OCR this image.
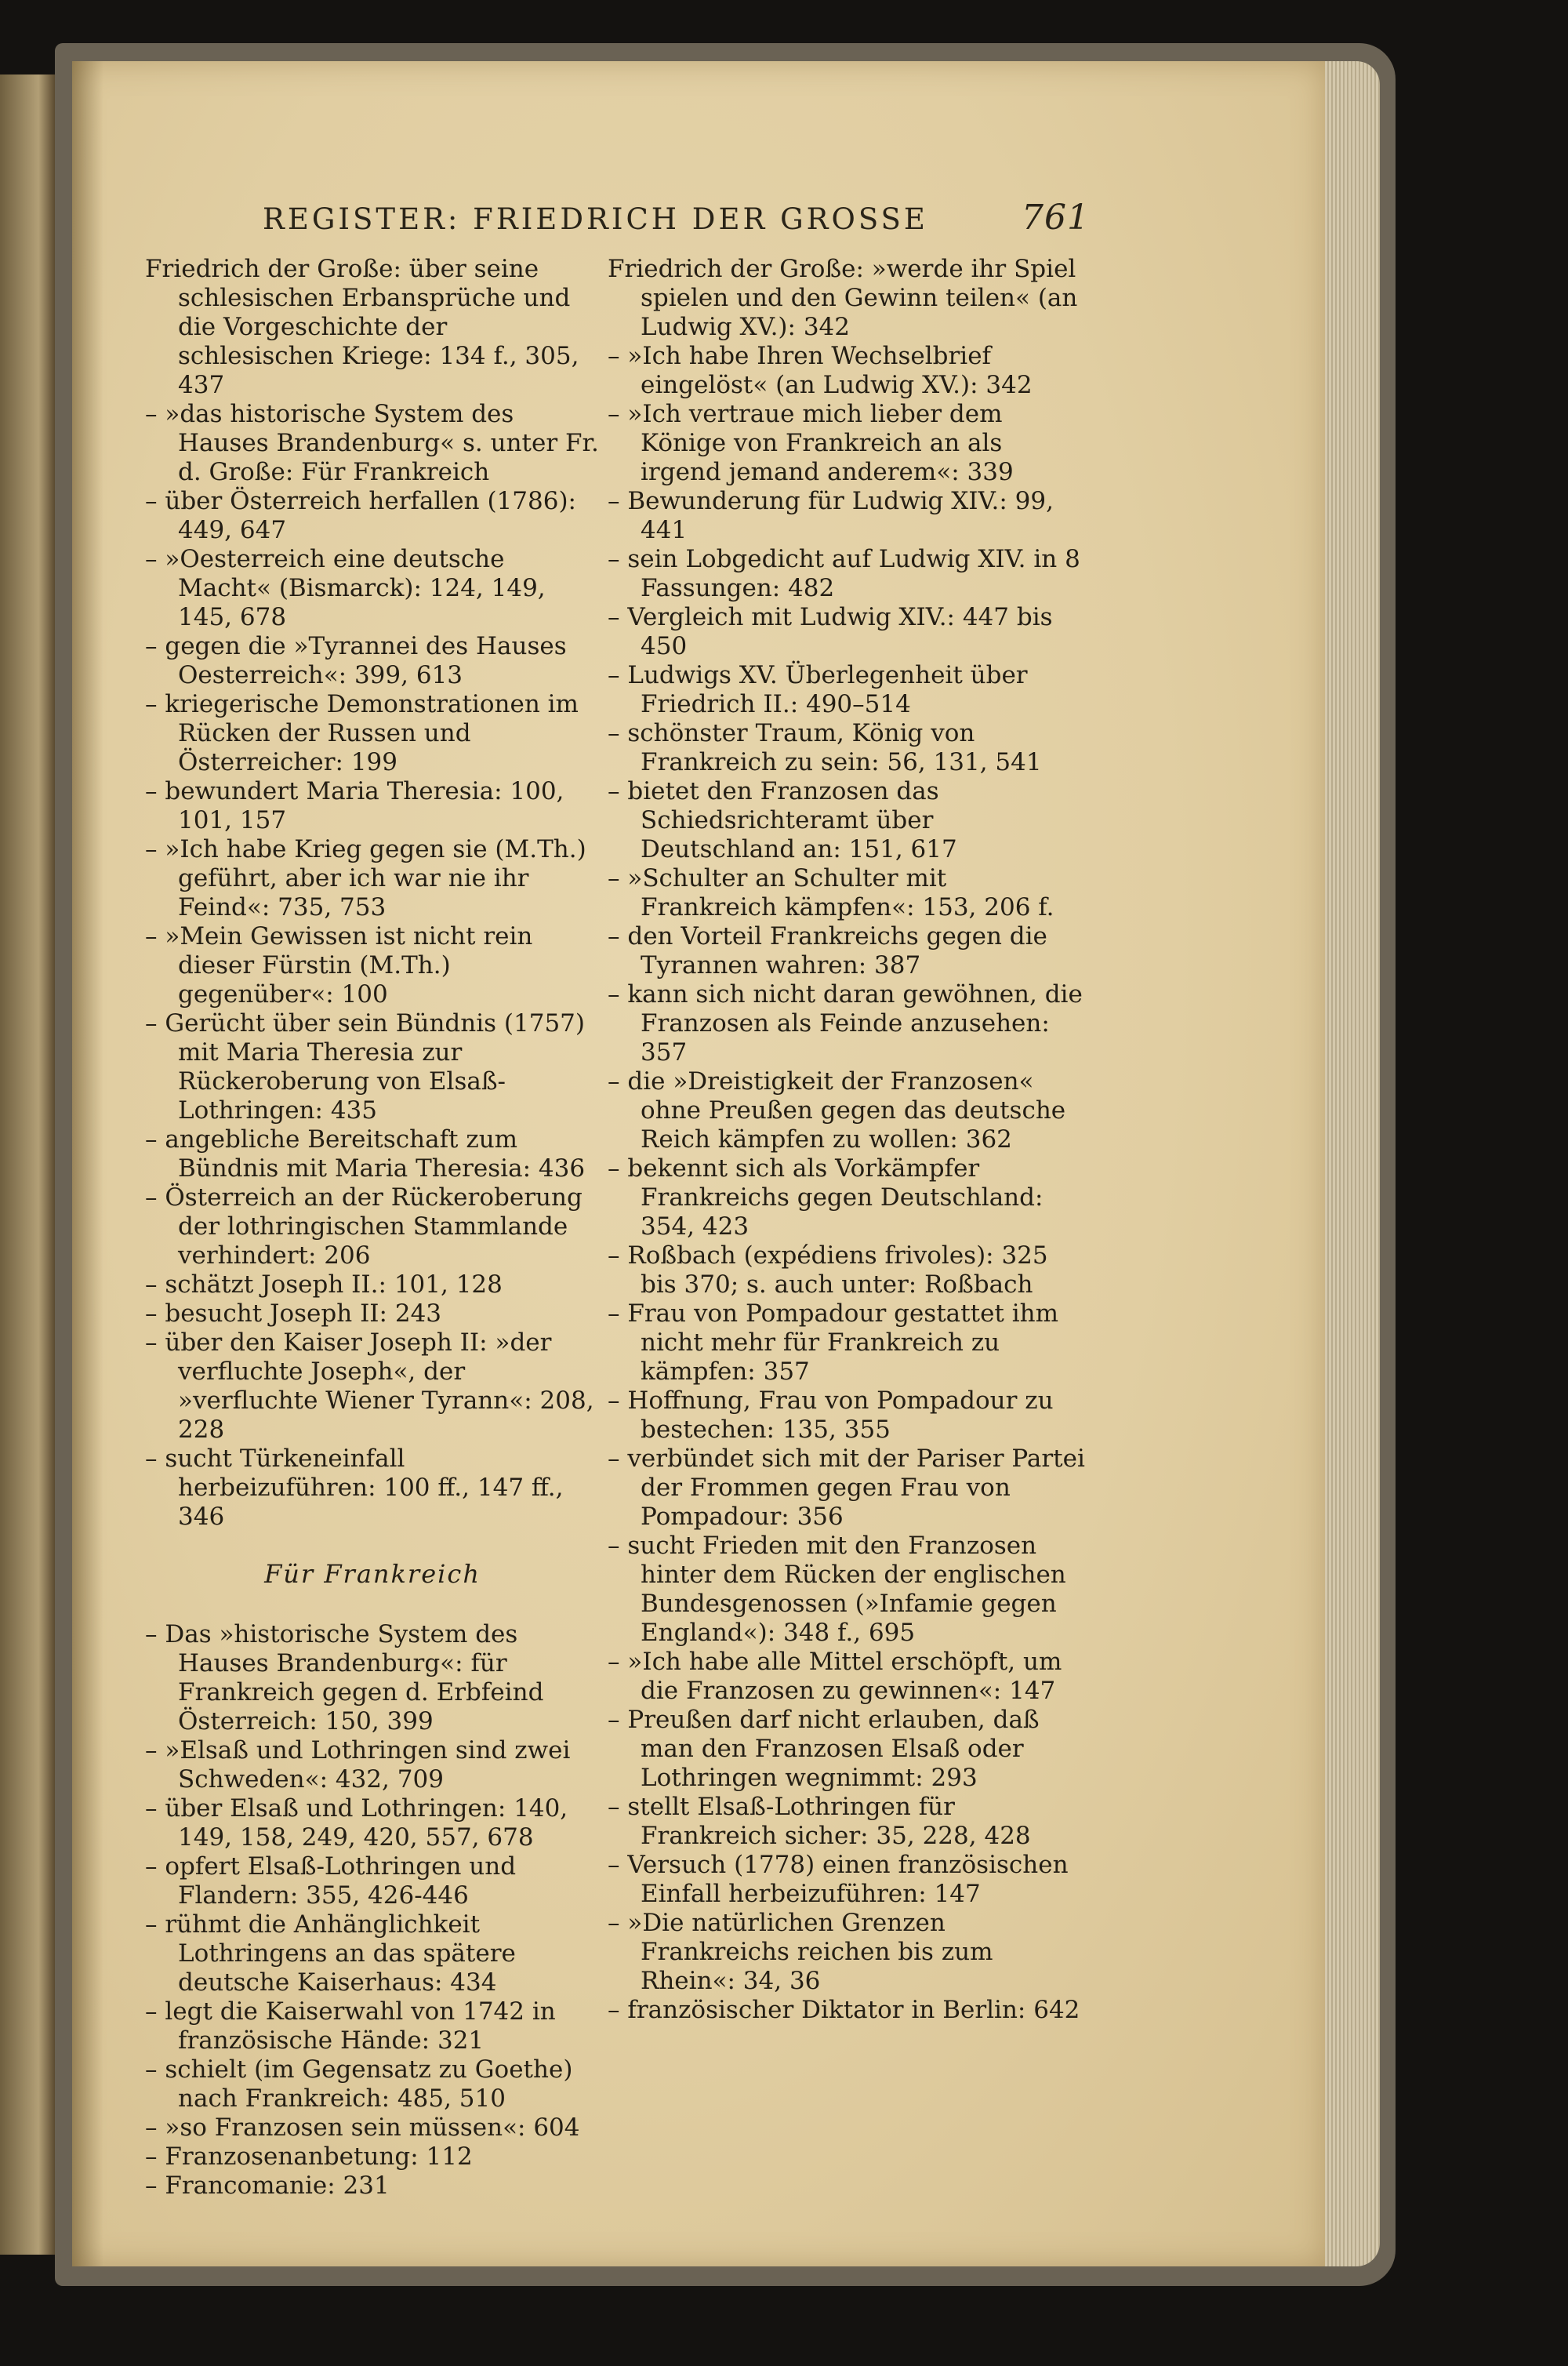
REGISTER: FRIEDRICH DER GROSSE	761
Friedrich der Große: über seine schlesischen Erbansprüche und die Vorgeschichte der schlesischen Kriege: 134 f., 305, 437
– »das historische System des Hauses Brandenburg« s. unter Fr. d. Große: Für Frankreich
– über Österreich herfallen (1786): 449, 647
– »Oesterreich eine deutsche Macht« (Bismarck): 124, 149, 145, 678
– gegen die »Tyrannei des Hauses Oesterreich«: 399, 613
– kriegerische Demonstrationen im Rücken der Russen und Österreicher: 199
– bewundert Maria Theresia: 100, 101, 157
– »Ich habe Krieg gegen sie (M.Th.) geführt, aber ich war nie ihr Feind«: 735, 753
– »Mein Gewissen ist nicht rein dieser Fürstin (M.Th.) gegenüber«: 100
– Gerücht über sein Bündnis (1757) mit Maria Theresia zur Rückeroberung von Elsaß-Lothringen: 435
– angebliche Bereitschaft zum Bündnis mit Maria Theresia: 436
– Österreich an der Rückeroberung der lothringischen Stammlande verhindert: 206
– schätzt Joseph II.: 101, 128
– besucht Joseph II: 243
– über den Kaiser Joseph II: »der verfluchte Joseph«, der »verfluchte Wiener Tyrann«: 208, 228
– sucht Türkeneinfall herbeizuführen: 100 ff., 147 ff., 346
Für Frankreich
– Das »historische System des Hauses Brandenburg«: für Frankreich gegen d. Erbfeind Österreich: 150, 399
– »Elsaß und Lothringen sind zwei Schweden«: 432, 709
– über Elsaß und Lothringen: 140, 149, 158, 249, 420, 557, 678
– opfert Elsaß-Lothringen und Flandern: 355, 426-446
– rühmt die Anhänglichkeit Lothringens an das spätere deutsche Kaiserhaus: 434
– legt die Kaiserwahl von 1742 in französische Hände: 321
– schielt (im Gegensatz zu Goethe) nach Frankreich: 485, 510
– »so Franzosen sein müssen«: 604
– Franzosenanbetung: 112
– Francomanie: 231
Friedrich der Große: »werde ihr Spiel spielen und den Gewinn teilen« (an Ludwig XV.): 342
– »Ich habe Ihren Wechselbrief eingelöst« (an Ludwig XV.): 342
– »Ich vertraue mich lieber dem Könige von Frankreich an als irgend jemand anderem«: 339
– Bewunderung für Ludwig XIV.: 99, 441
– sein Lobgedicht auf Ludwig XIV. in 8 Fassungen: 482
– Vergleich mit Ludwig XIV.: 447 bis 450
– Ludwigs XV. Überlegenheit über Friedrich II.: 490–514
– schönster Traum, König von Frankreich zu sein: 56, 131, 541
– bietet den Franzosen das Schiedsrichteramt über Deutschland an: 151, 617
– »Schulter an Schulter mit Frankreich kämpfen«: 153, 206 f.
– den Vorteil Frankreichs gegen die Tyrannen wahren: 387
– kann sich nicht daran gewöhnen, die Franzosen als Feinde anzusehen: 357
– die »Dreistigkeit der Franzosen« ohne Preußen gegen das deutsche Reich kämpfen zu wollen: 362
– bekennt sich als Vorkämpfer Frankreichs gegen Deutschland: 354, 423
– Roßbach (expédiens frivoles): 325 bis 370; s. auch unter: Roßbach
– Frau von Pompadour gestattet ihm nicht mehr für Frankreich zu kämpfen: 357
– Hoffnung, Frau von Pompadour zu bestechen: 135, 355
– verbündet sich mit der Pariser Partei der Frommen gegen Frau von Pompadour: 356
– sucht Frieden mit den Franzosen hinter dem Rücken der englischen Bundesgenossen (»Infamie gegen England«): 348 f., 695
– »Ich habe alle Mittel erschöpft, um die Franzosen zu gewinnen«: 147
– Preußen darf nicht erlauben, daß man den Franzosen Elsaß oder Lothringen wegnimmt: 293
– stellt Elsaß-Lothringen für Frankreich sicher: 35, 228, 428
– Versuch (1778) einen französischen Einfall herbeizuführen: 147
– »Die natürlichen Grenzen Frankreichs reichen bis zum Rhein«: 34, 36
– französischer Diktator in Berlin: 642
